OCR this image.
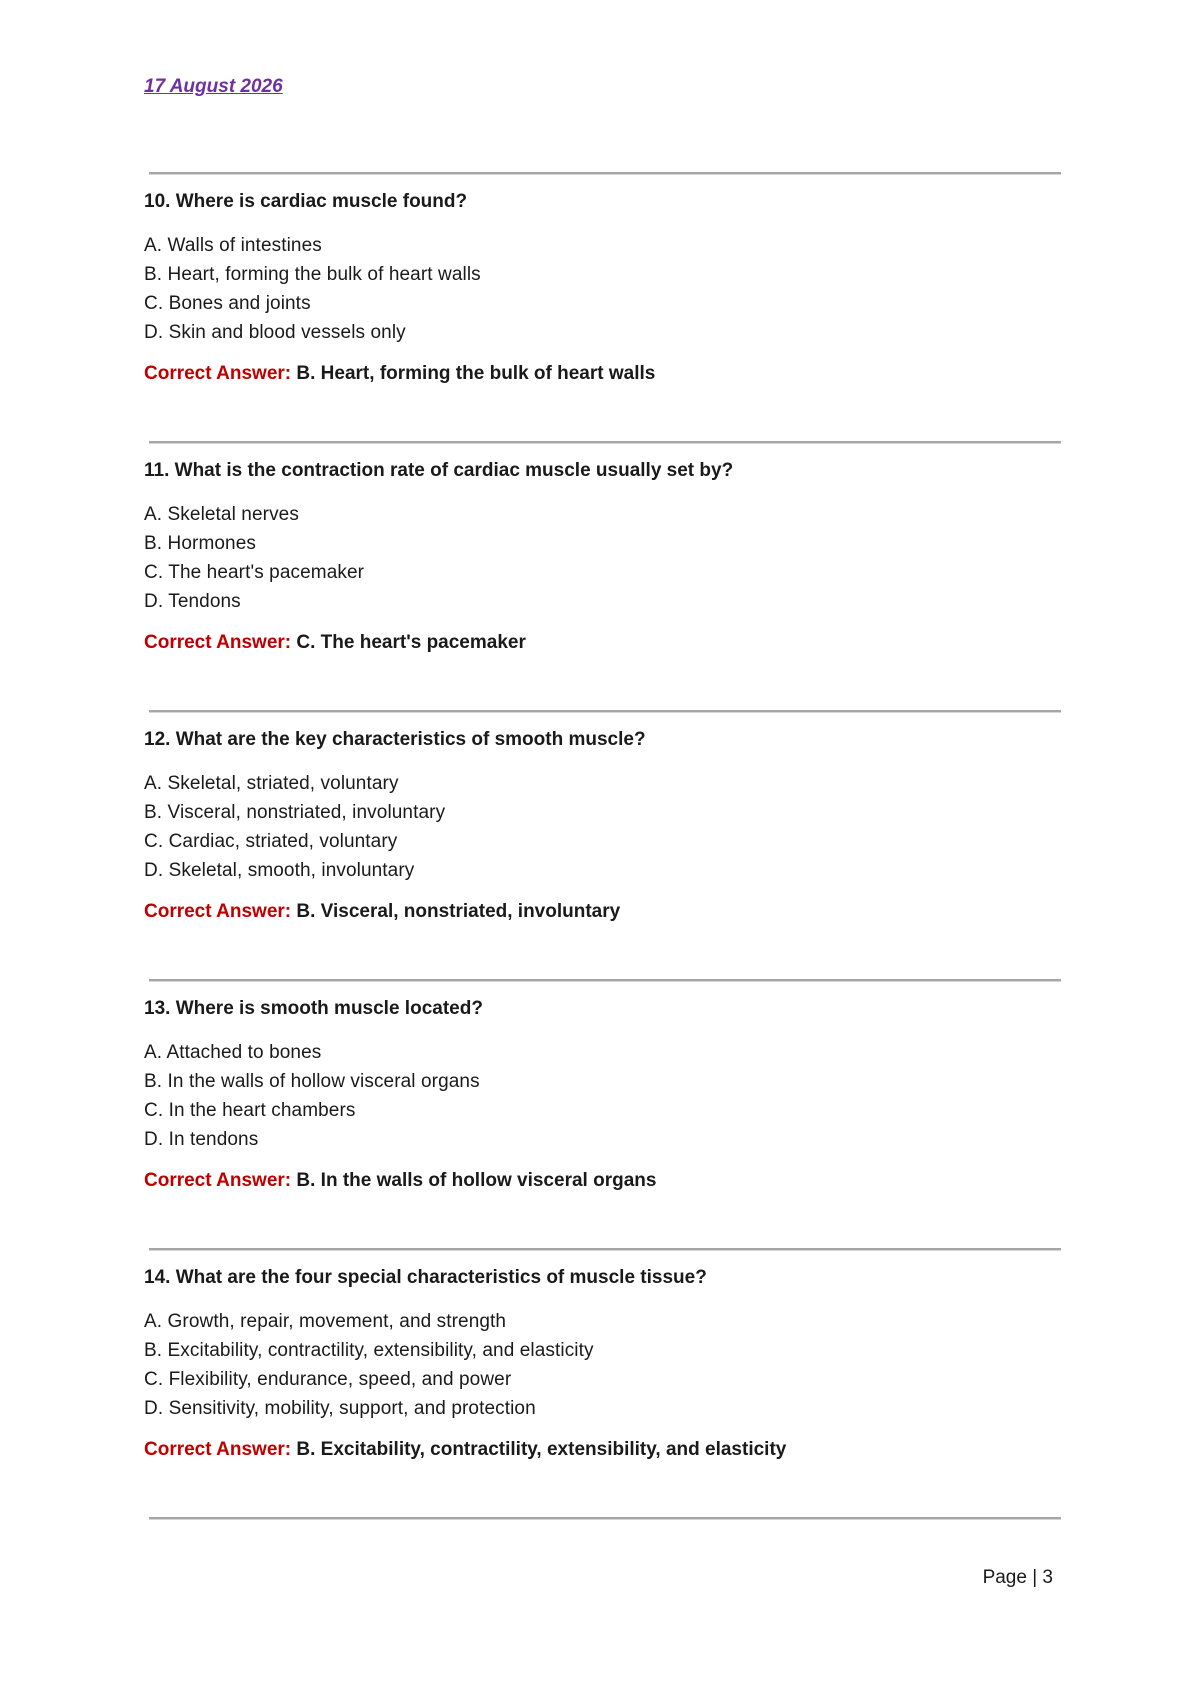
17 August 2026

10. Where is cardiac muscle found?

A. Walls of intestines
B. Heart, forming the bulk of heart walls
C. Bones and joints
D. Skin and blood vessels only
Correct Answer: B. Heart, forming the bulk of heart walls

11. What is the contraction rate of cardiac muscle usually set by?

A. Skeletal nerves
B. Hormones
C. The heart's pacemaker
D. Tendons
Correct Answer: C. The heart's pacemaker

12. What are the key characteristics of smooth muscle?

A. Skeletal, striated, voluntary
B. Visceral, nonstriated, involuntary
C. Cardiac, striated, voluntary
D. Skeletal, smooth, involuntary
Correct Answer: B. Visceral, nonstriated, involuntary

13. Where is smooth muscle located?

A. Attached to bones
B. In the walls of hollow visceral organs
C. In the heart chambers
D. In tendons
Correct Answer: B. In the walls of hollow visceral organs

14. What are the four special characteristics of muscle tissue?

A. Growth, repair, movement, and strength
B. Excitability, contractility, extensibility, and elasticity
C. Flexibility, endurance, speed, and power
D. Sensitivity, mobility, support, and protection
Correct Answer: B. Excitability, contractility, extensibility, and elasticity
Page | 3
